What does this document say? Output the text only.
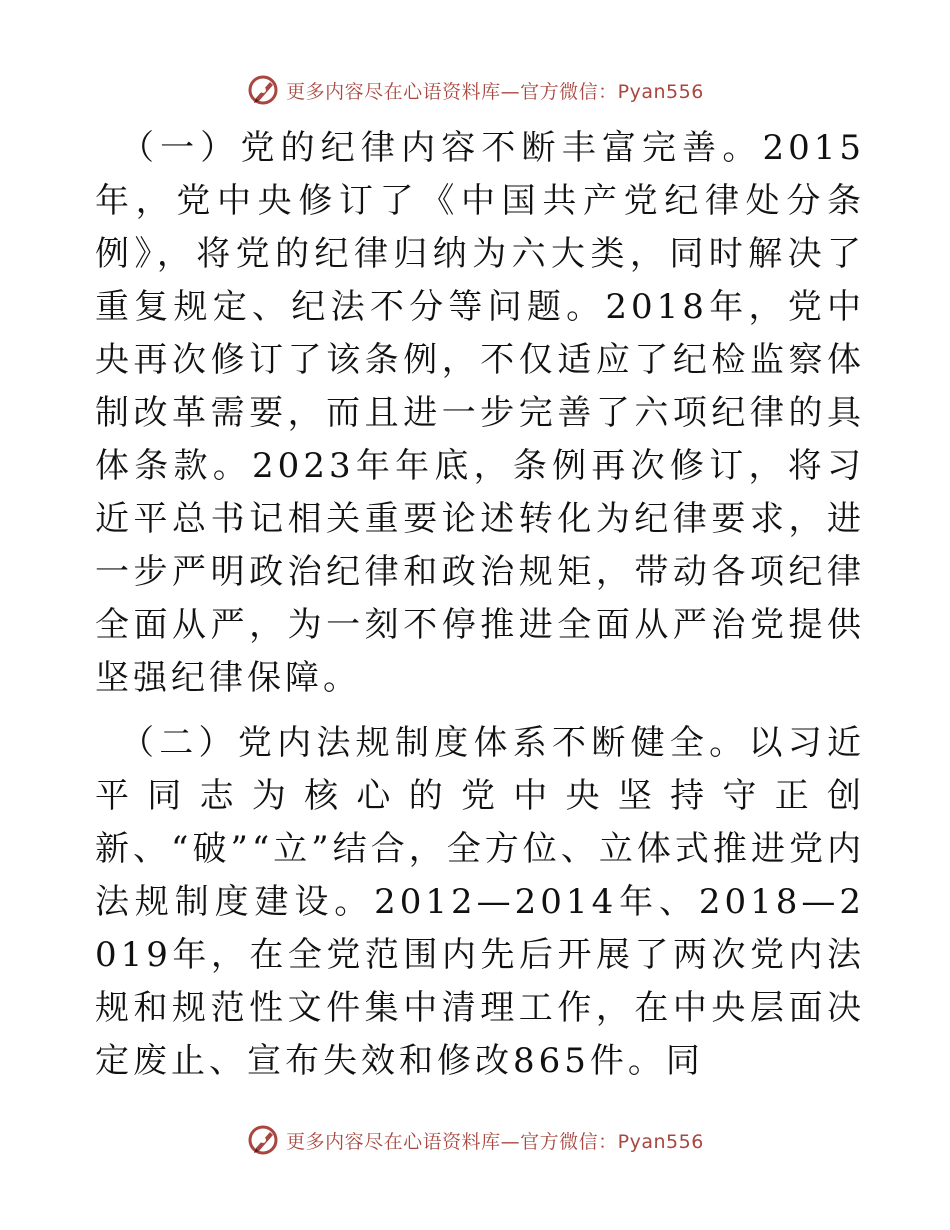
更多内容尽在心语资料库—官方微信：Pyan556

（一）党的纪律内容不断丰富完善。2015年，党中央修订了《中国共产党纪律处分条例》，将党的纪律归纳为六大类，同时解决了重复规定、纪法不分等问题。2018年，党中央再次修订了该条例，不仅适应了纪检监察体制改革需要，而且进一步完善了六项纪律的具体条款。2023年年底，条例再次修订，将习近平总书记相关重要论述转化为纪律要求，进一步严明政治纪律和政治规矩，带动各项纪律全面从严，为一刻不停推进全面从严治党提供坚强纪律保障。

（二）党内法规制度体系不断健全。以习近平同志为核心的党中央坚持守正创新、“破”“立”结合，全方位、立体式推进党内法规制度建设。2012—2014年、2018—2019年，在全党范围内先后开展了两次党内法规和规范性文件集中清理工作，在中央层面决定废止、宣布失效和修改865件。同

更多内容尽在心语资料库—官方微信：Pyan556
